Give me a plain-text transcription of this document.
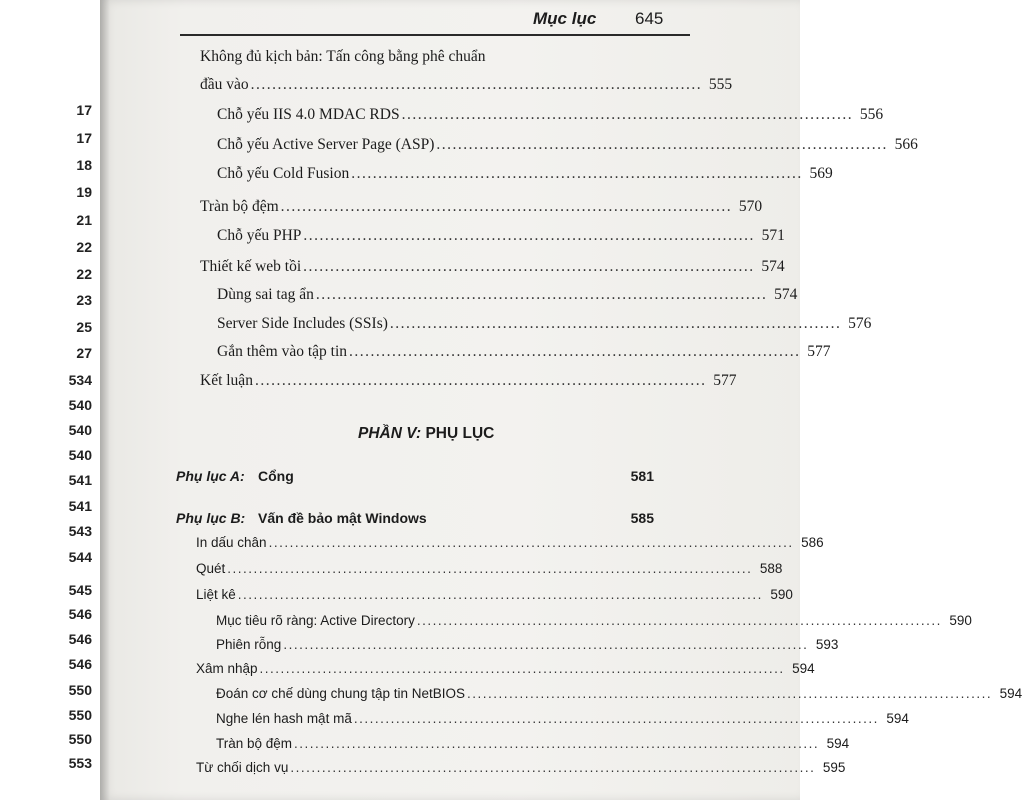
17
17
18
19
21
22
22
23
25
27
534
540
540
540
541
541
543
544
545
546
546
546
550
550
550
553
Mục lục 645
Không đủ kịch bản: Tấn công bằng phê chuẩn
đầu vào .................................................................................... 555
Chỗ yếu IIS 4.0 MDAC RDS .................................................................................... 556
Chỗ yếu Active Server Page (ASP) .................................................................................... 566
Chỗ yếu Cold Fusion .................................................................................... 569
Tràn bộ đệm .................................................................................... 570
Chỗ yếu PHP .................................................................................... 571
Thiết kế web tồi .................................................................................... 574
Dùng sai tag ẩn .................................................................................... 574
Server Side Includes (SSIs) .................................................................................... 576
Gắn thêm vào tập tin .................................................................................... 577
Kết luận .................................................................................... 577
PHẦN V: PHỤ LỤC
Phụ lục A: Cổng	581
Phụ lục B: Vấn đề bảo mật Windows	585
In dấu chân .................................................................................................... 586
Quét .................................................................................................... 588
Liệt kê .................................................................................................... 590
Mục tiêu rõ ràng: Active Directory .................................................................................................... 590
Phiên rỗng .................................................................................................... 593
Xâm nhập .................................................................................................... 594
Đoán cơ chế dùng chung tập tin NetBIOS .................................................................................................... 594
Nghe lén hash mật mã .................................................................................................... 594
Tràn bộ đệm .................................................................................................... 594
Từ chối dịch vụ .................................................................................................... 595
